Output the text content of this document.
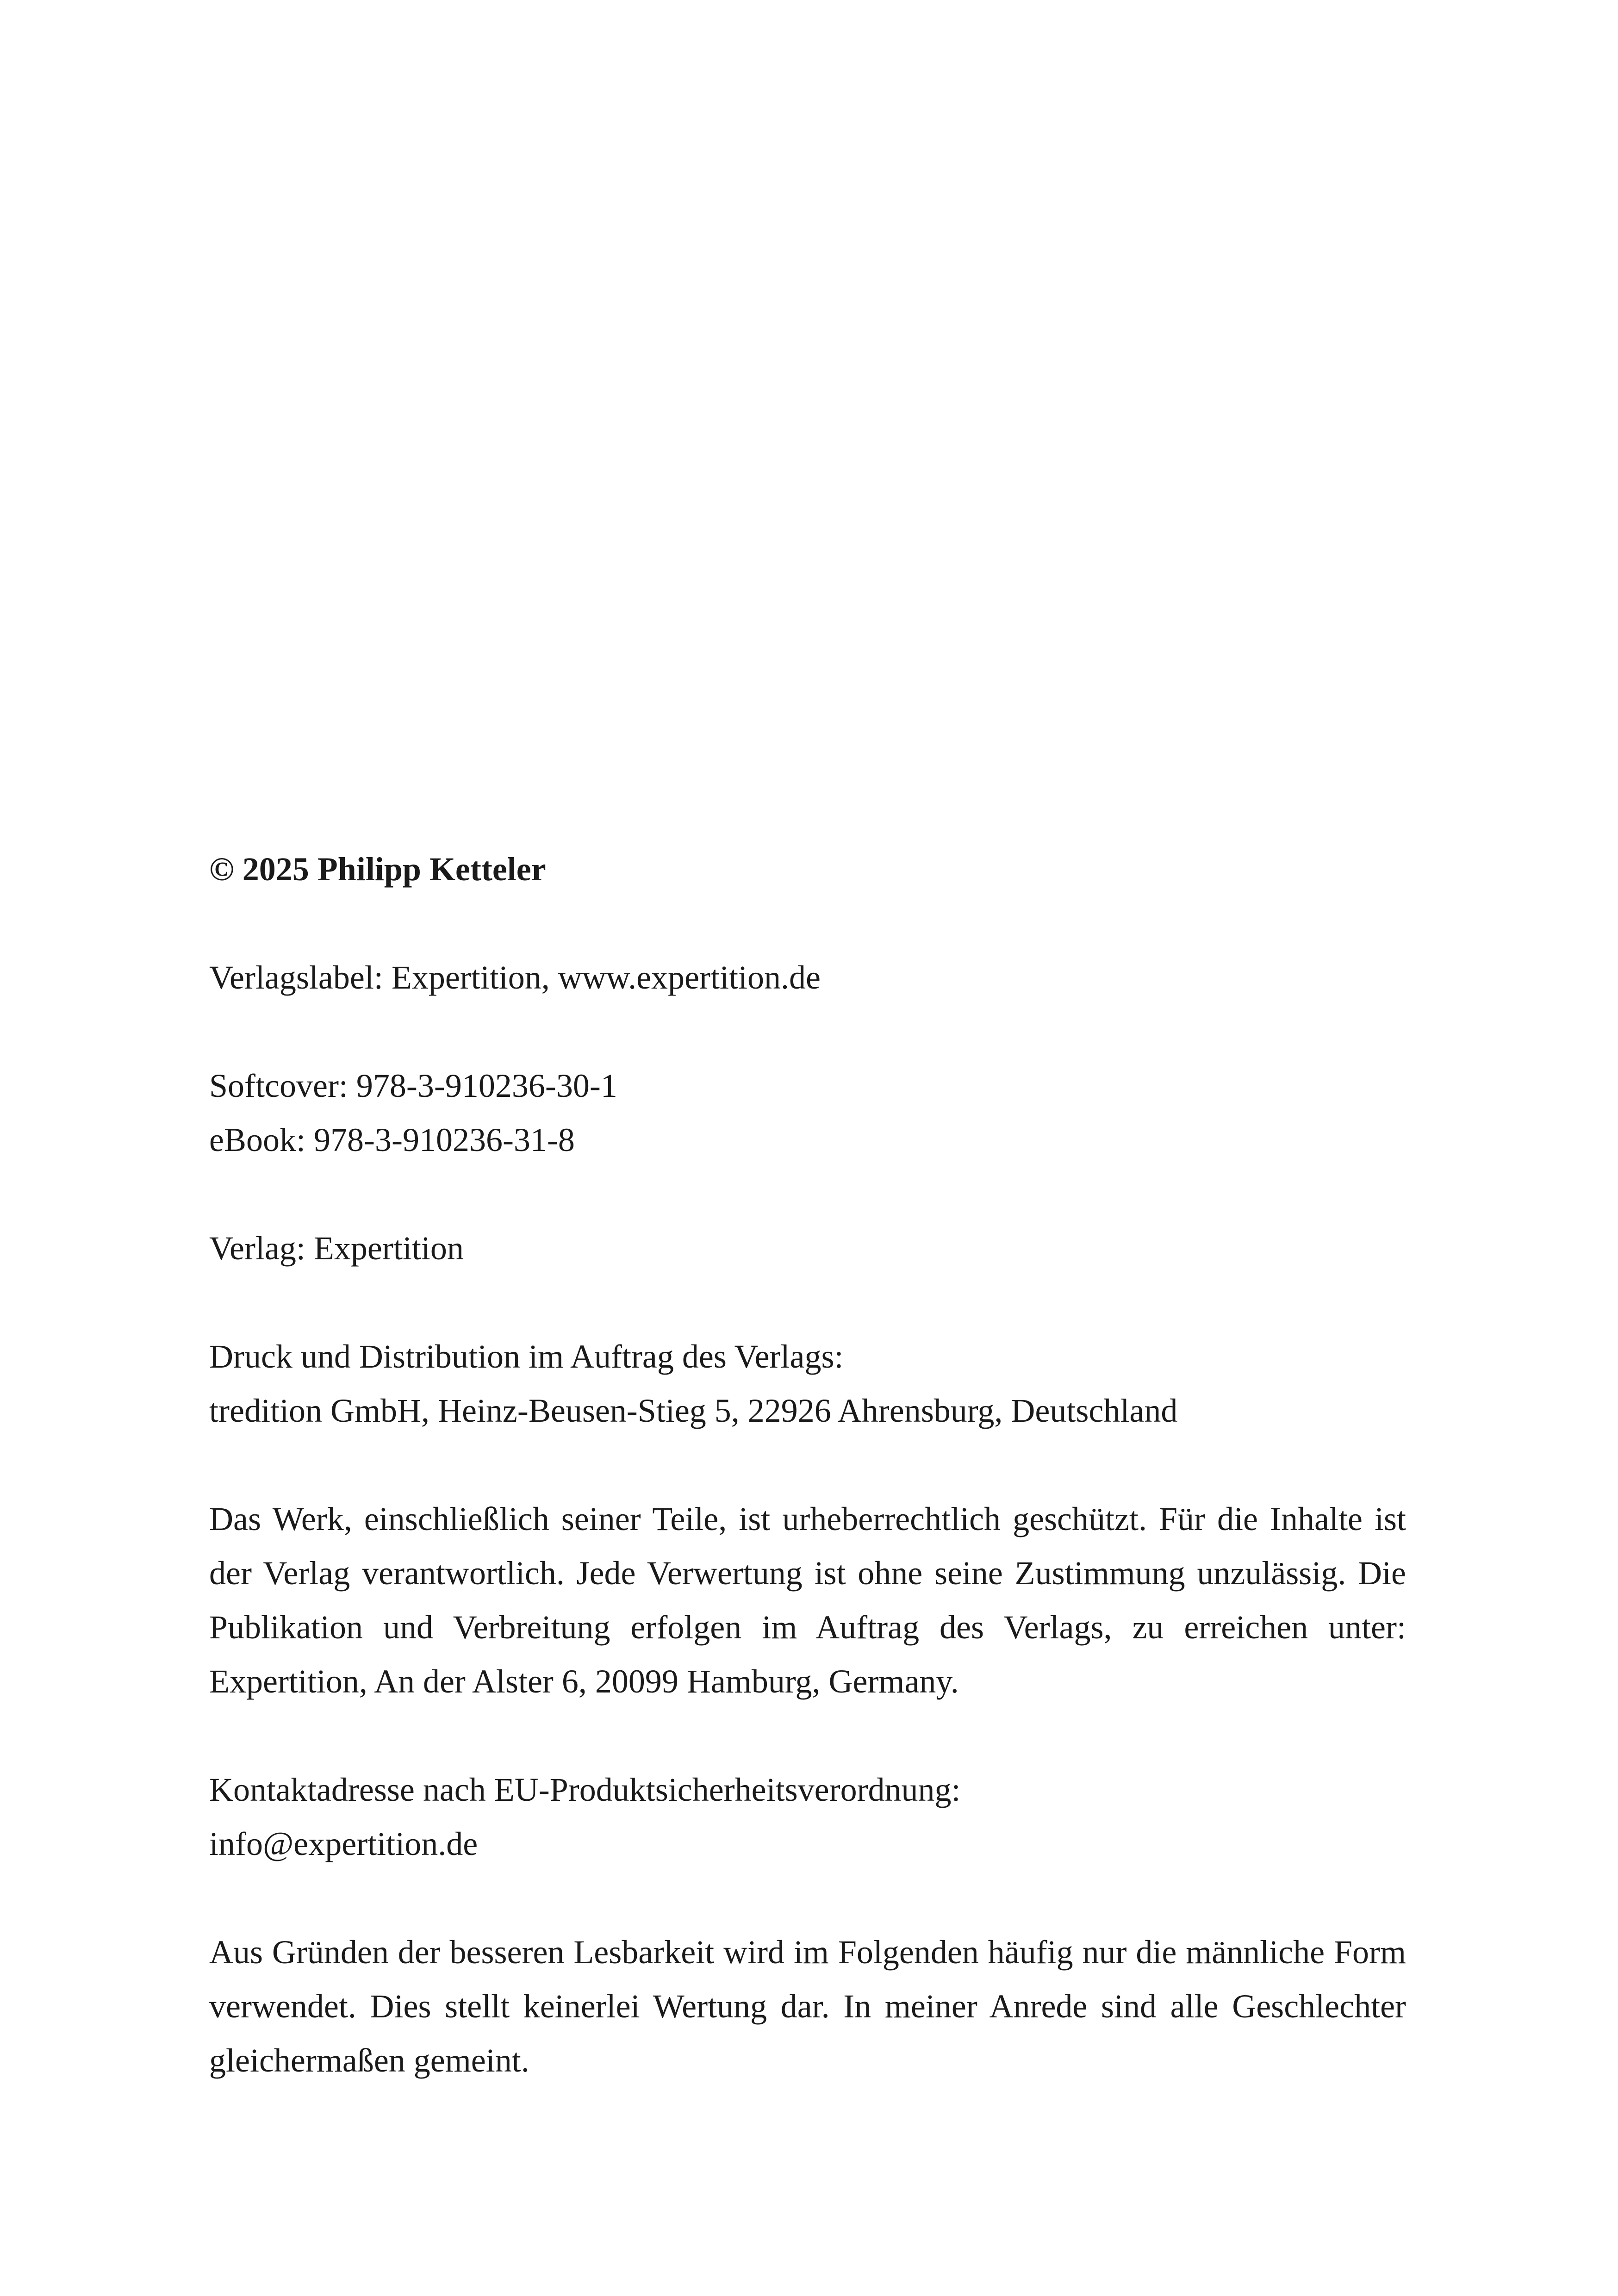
© 2025 Philipp Ketteler
Verlagslabel: Expertition, www.expertition.de
Softcover: 978-3-910236-30-1
eBook: 978-3-910236-31-8
Verlag: Expertition
Druck und Distribution im Auftrag des Verlags:
tredition GmbH, Heinz-Beusen-Stieg 5, 22926 Ahrensburg, Deutschland

Das Werk, einschließlich seiner Teile, ist urheberrechtlich geschützt. Für die Inhalte ist der Verlag verantwortlich. Jede Verwertung ist ohne seine Zustimmung unzulässig. Die Publikation und Verbreitung erfolgen im Auftrag des Verlags, zu erreichen unter: Expertition, An der Alster 6, 20099 Hamburg, Germany.

Kontaktadresse nach EU-Produktsicherheitsverordnung:
info@expertition.de

Aus Gründen der besseren Lesbarkeit wird im Folgenden häufig nur die männliche Form verwendet. Dies stellt keinerlei Wertung dar. In meiner Anrede sind alle Geschlechter gleichermaßen gemeint.
